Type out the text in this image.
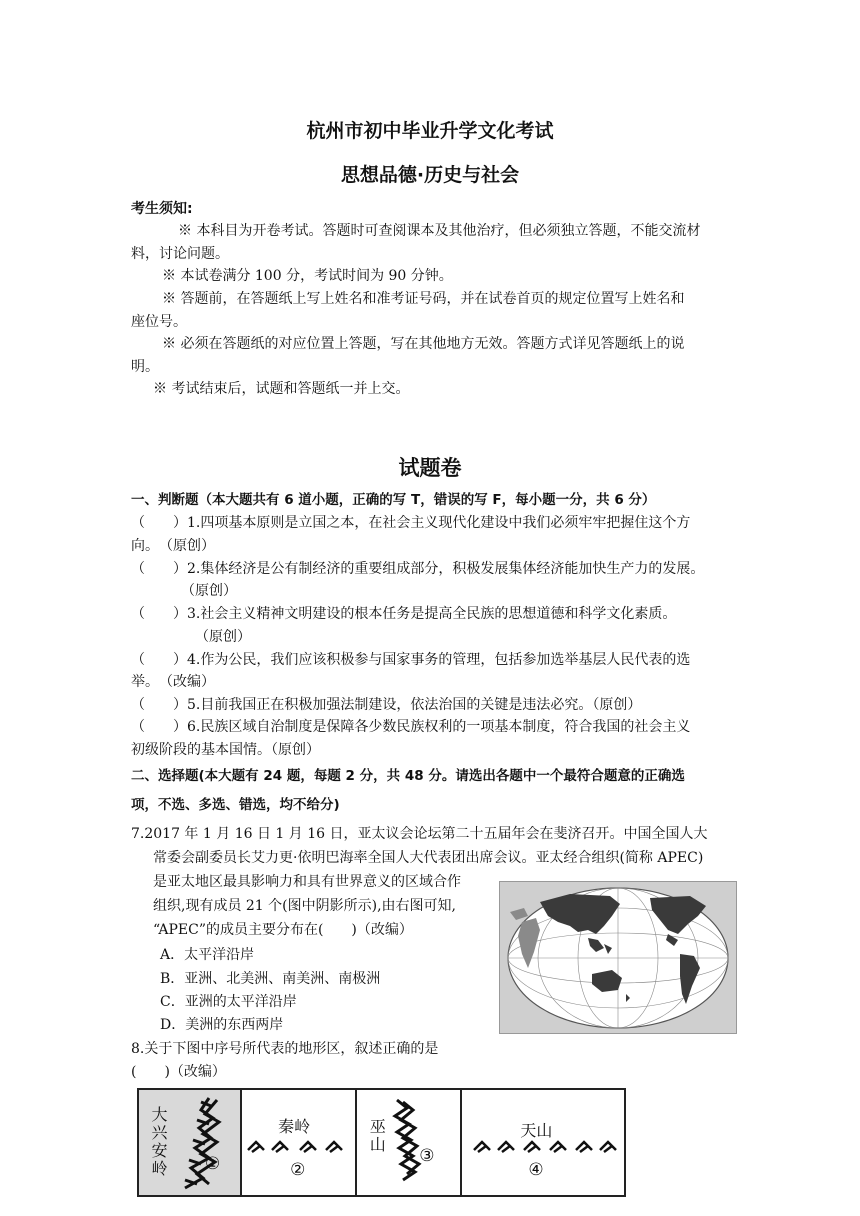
杭州市初中毕业升学文化考试
思想品德·历史与社会
考生须知:
※ 本科目为开卷考试。答题时可查阅课本及其他治疗，但必须独立答题，不能交流材
料，讨论问题。
※ 本试卷满分 100 分，考试时间为 90 分钟。
※ 答题前，在答题纸上写上姓名和准考证号码，并在试卷首页的规定位置写上姓名和
座位号。
※ 必须在答题纸的对应位置上答题，写在其他地方无效。答题方式详见答题纸上的说
明。
※ 考试结束后，试题和答题纸一并上交。
试题卷
一、判断题（本大题共有 6 道小题，正确的写 T，错误的写 F，每小题一分，共 6 分）
（　　）1.四项基本原则是立国之本，在社会主义现代化建设中我们必须牢牢把握住这个方
向。　（原创）
（　　）2.集体经济是公有制经济的重要组成部分，积极发展集体经济能加快生产力的发展。
（原创）
（　　）3.社会主义精神文明建设的根本任务是提高全民族的思想道德和科学文化素质。
（原创）
（　　）4.作为公民，我们应该积极参与国家事务的管理，包括参加选举基层人民代表的选
举。　（改编）
（　　）5.目前我国正在积极加强法制建设，依法治国的关键是违法必究。（原创）
（　　）6.民族区域自治制度是保障各少数民族权利的一项基本制度，符合我国的社会主义
初级阶段的基本国情。（原创）
二、选择题(本大题有 24 题，每题 2 分，共 48 分。请选出各题中一个最符合题意的正确选
项，不选、多选、错选，均不给分)
7.2017 年 1 月 16 日 1 月 16 日，亚太议会论坛第二十五届年会在斐济召开。中国全国人大
常委会副委员长艾力更·依明巴海率全国人大代表团出席会议。亚太经合组织(简称 APEC)
是亚太地区最具影响力和具有世界意义的区域合作
组织,现有成员 21 个(图中阴影所示),由右图可知,
“APEC”的成员主要分布在(　　)（改编）
A．太平洋沿岸
B．亚洲、北美洲、南美洲、南极洲
C．亚洲的太平洋沿岸
D．美洲的东西两岸
8.关于下图中序号所代表的地形区，叙述正确的是
(　　)（改编）
大兴安岭 ①
秦岭
②
巫山
③
天山
④
